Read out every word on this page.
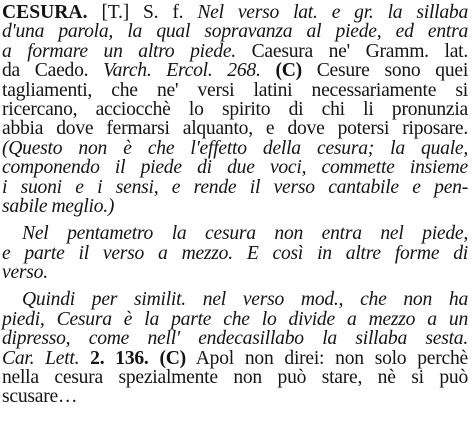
CESURA. [T.] S. f. Nel verso lat. e gr. la sillaba
d'una parola, la qual sopravanza al piede, ed entra
a formare un altro piede. Caesura ne' Gramm. lat.
da Caedo. Varch. Ercol. 268. (C) Cesure sono quei
tagliamenti, che ne' versi latini necessariamente si
ricercano, acciocchè lo spirito di chi li pronunzia
abbia dove fermarsi alquanto, e dove potersi riposare.
(Questo non è che l'effetto della cesura; la quale,
componendo il piede di due voci, commette insieme
i suoni e i sensi, e rende il verso cantabile e pen-
sabile meglio.)
Nel pentametro la cesura non entra nel piede,
e parte il verso a mezzo. E così in altre forme di
verso.
Quindi per similit. nel verso mod., che non ha
piedi, Cesura è la parte che lo divide a mezzo a un
dipresso, come nell' endecasillabo la sillaba sesta.
Car. Lett. 2. 136. (C) Apol non direi: non solo perchè
nella cesura spezialmente non può stare, nè si può
scusare…
